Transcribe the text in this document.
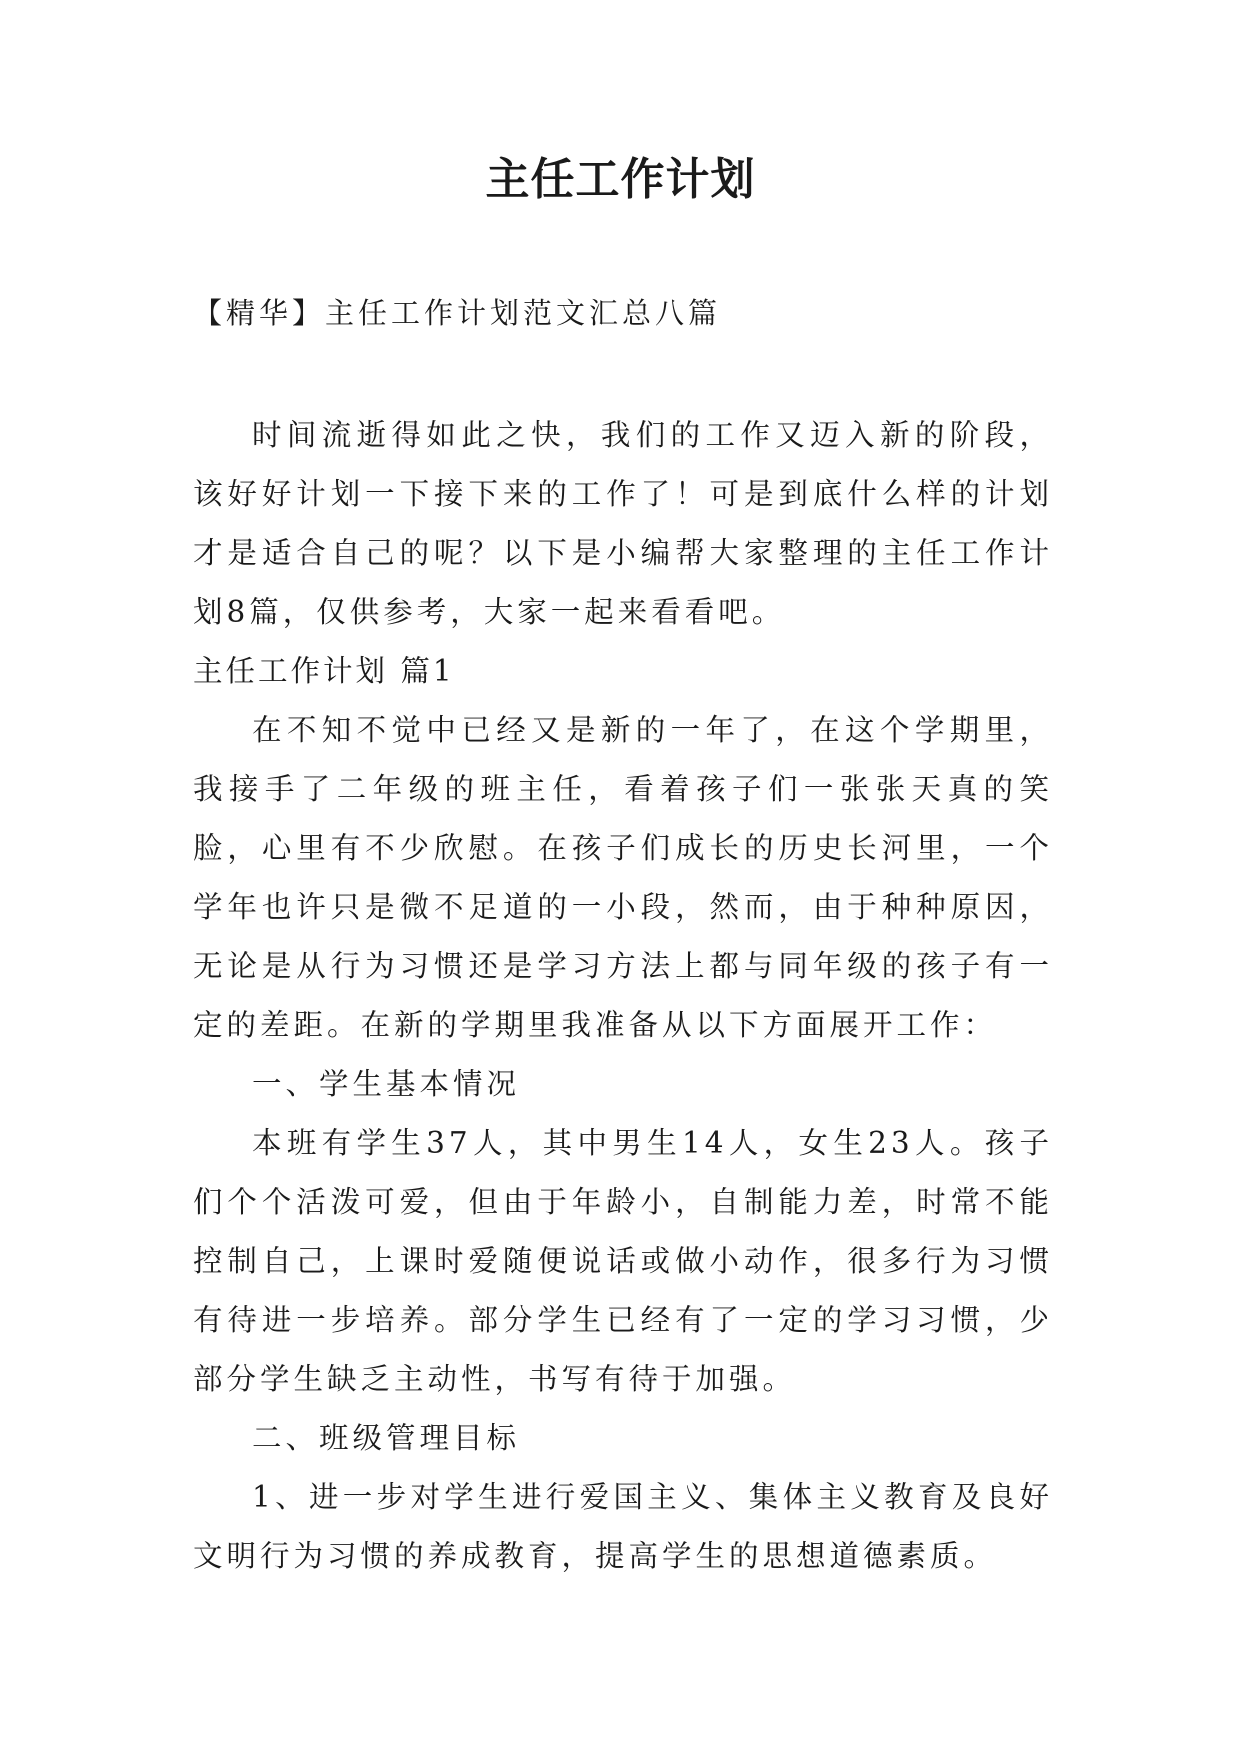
主任工作计划

【精华】主任工作计划范文汇总八篇

时间流逝得如此之快，我们的工作又迈入新的阶段，该好好计划一下接下来的工作了！可是到底什么样的计划才是适合自己的呢？以下是小编帮大家整理的主任工作计划8篇，仅供参考，大家一起来看看吧。

主任工作计划 篇1

在不知不觉中已经又是新的一年了，在这个学期里，我接手了二年级的班主任，看着孩子们一张张天真的笑脸，心里有不少欣慰。在孩子们成长的历史长河里，一个学年也许只是微不足道的一小段，然而，由于种种原因，无论是从行为习惯还是学习方法上都与同年级的孩子有一定的差距。在新的学期里我准备从以下方面展开工作：

一、学生基本情况

本班有学生37人，其中男生14人，女生23人。孩子们个个活泼可爱，但由于年龄小，自制能力差，时常不能控制自己，上课时爱随便说话或做小动作，很多行为习惯有待进一步培养。部分学生已经有了一定的学习习惯，少部分学生缺乏主动性，书写有待于加强。

二、班级管理目标

1、进一步对学生进行爱国主义、集体主义教育及良好文明行为习惯的养成教育，提高学生的思想道德素质。
